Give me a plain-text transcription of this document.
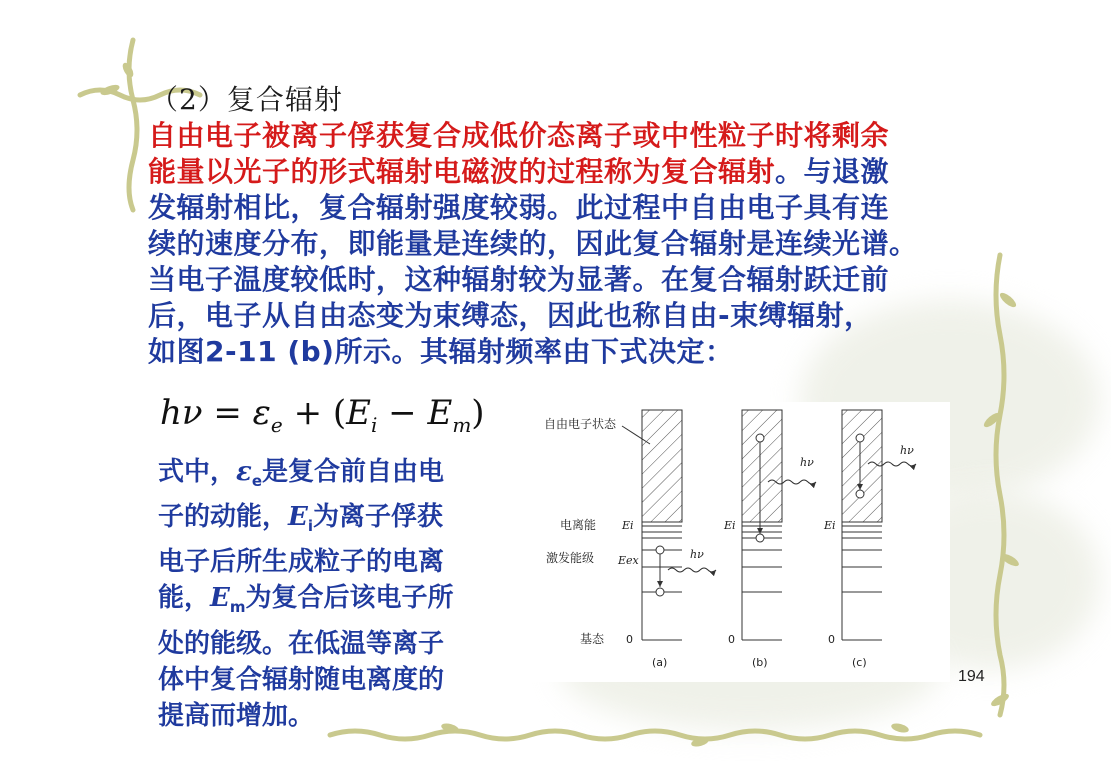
（2）复合辐射
自由电子被离子俘获复合成低价态离子或中性粒子时将剩余
能量以光子的形式辐射电磁波的过程称为复合辐射。与退激
发辐射相比，复合辐射强度较弱。此过程中自由电子具有连
续的速度分布，即能量是连续的，因此复合辐射是连续光谱。
当电子温度较低时，这种辐射较为显著。在复合辐射跃迁前
后，电子从自由态变为束缚态，因此也称自由-束缚辐射，
如图2-11 (b)所示。其辐射频率由下式决定：
$h\nu = \varepsilon_e + (E_i - E_m)$
式中，$\varepsilon_e$是复合前自由电
子的动能，$E_i$为离子俘获
电子后所生成粒子的电离
能，$E_m$为复合后该电子所
处的能级。在低温等离子
体中复合辐射随电离度的
提高而增加。
自由电子状态
电离能
激发能级
基态
Ei
Eex
0
hν
(a)
Ei
0
hν
(b)
Ei
0
hν
(c)
194
